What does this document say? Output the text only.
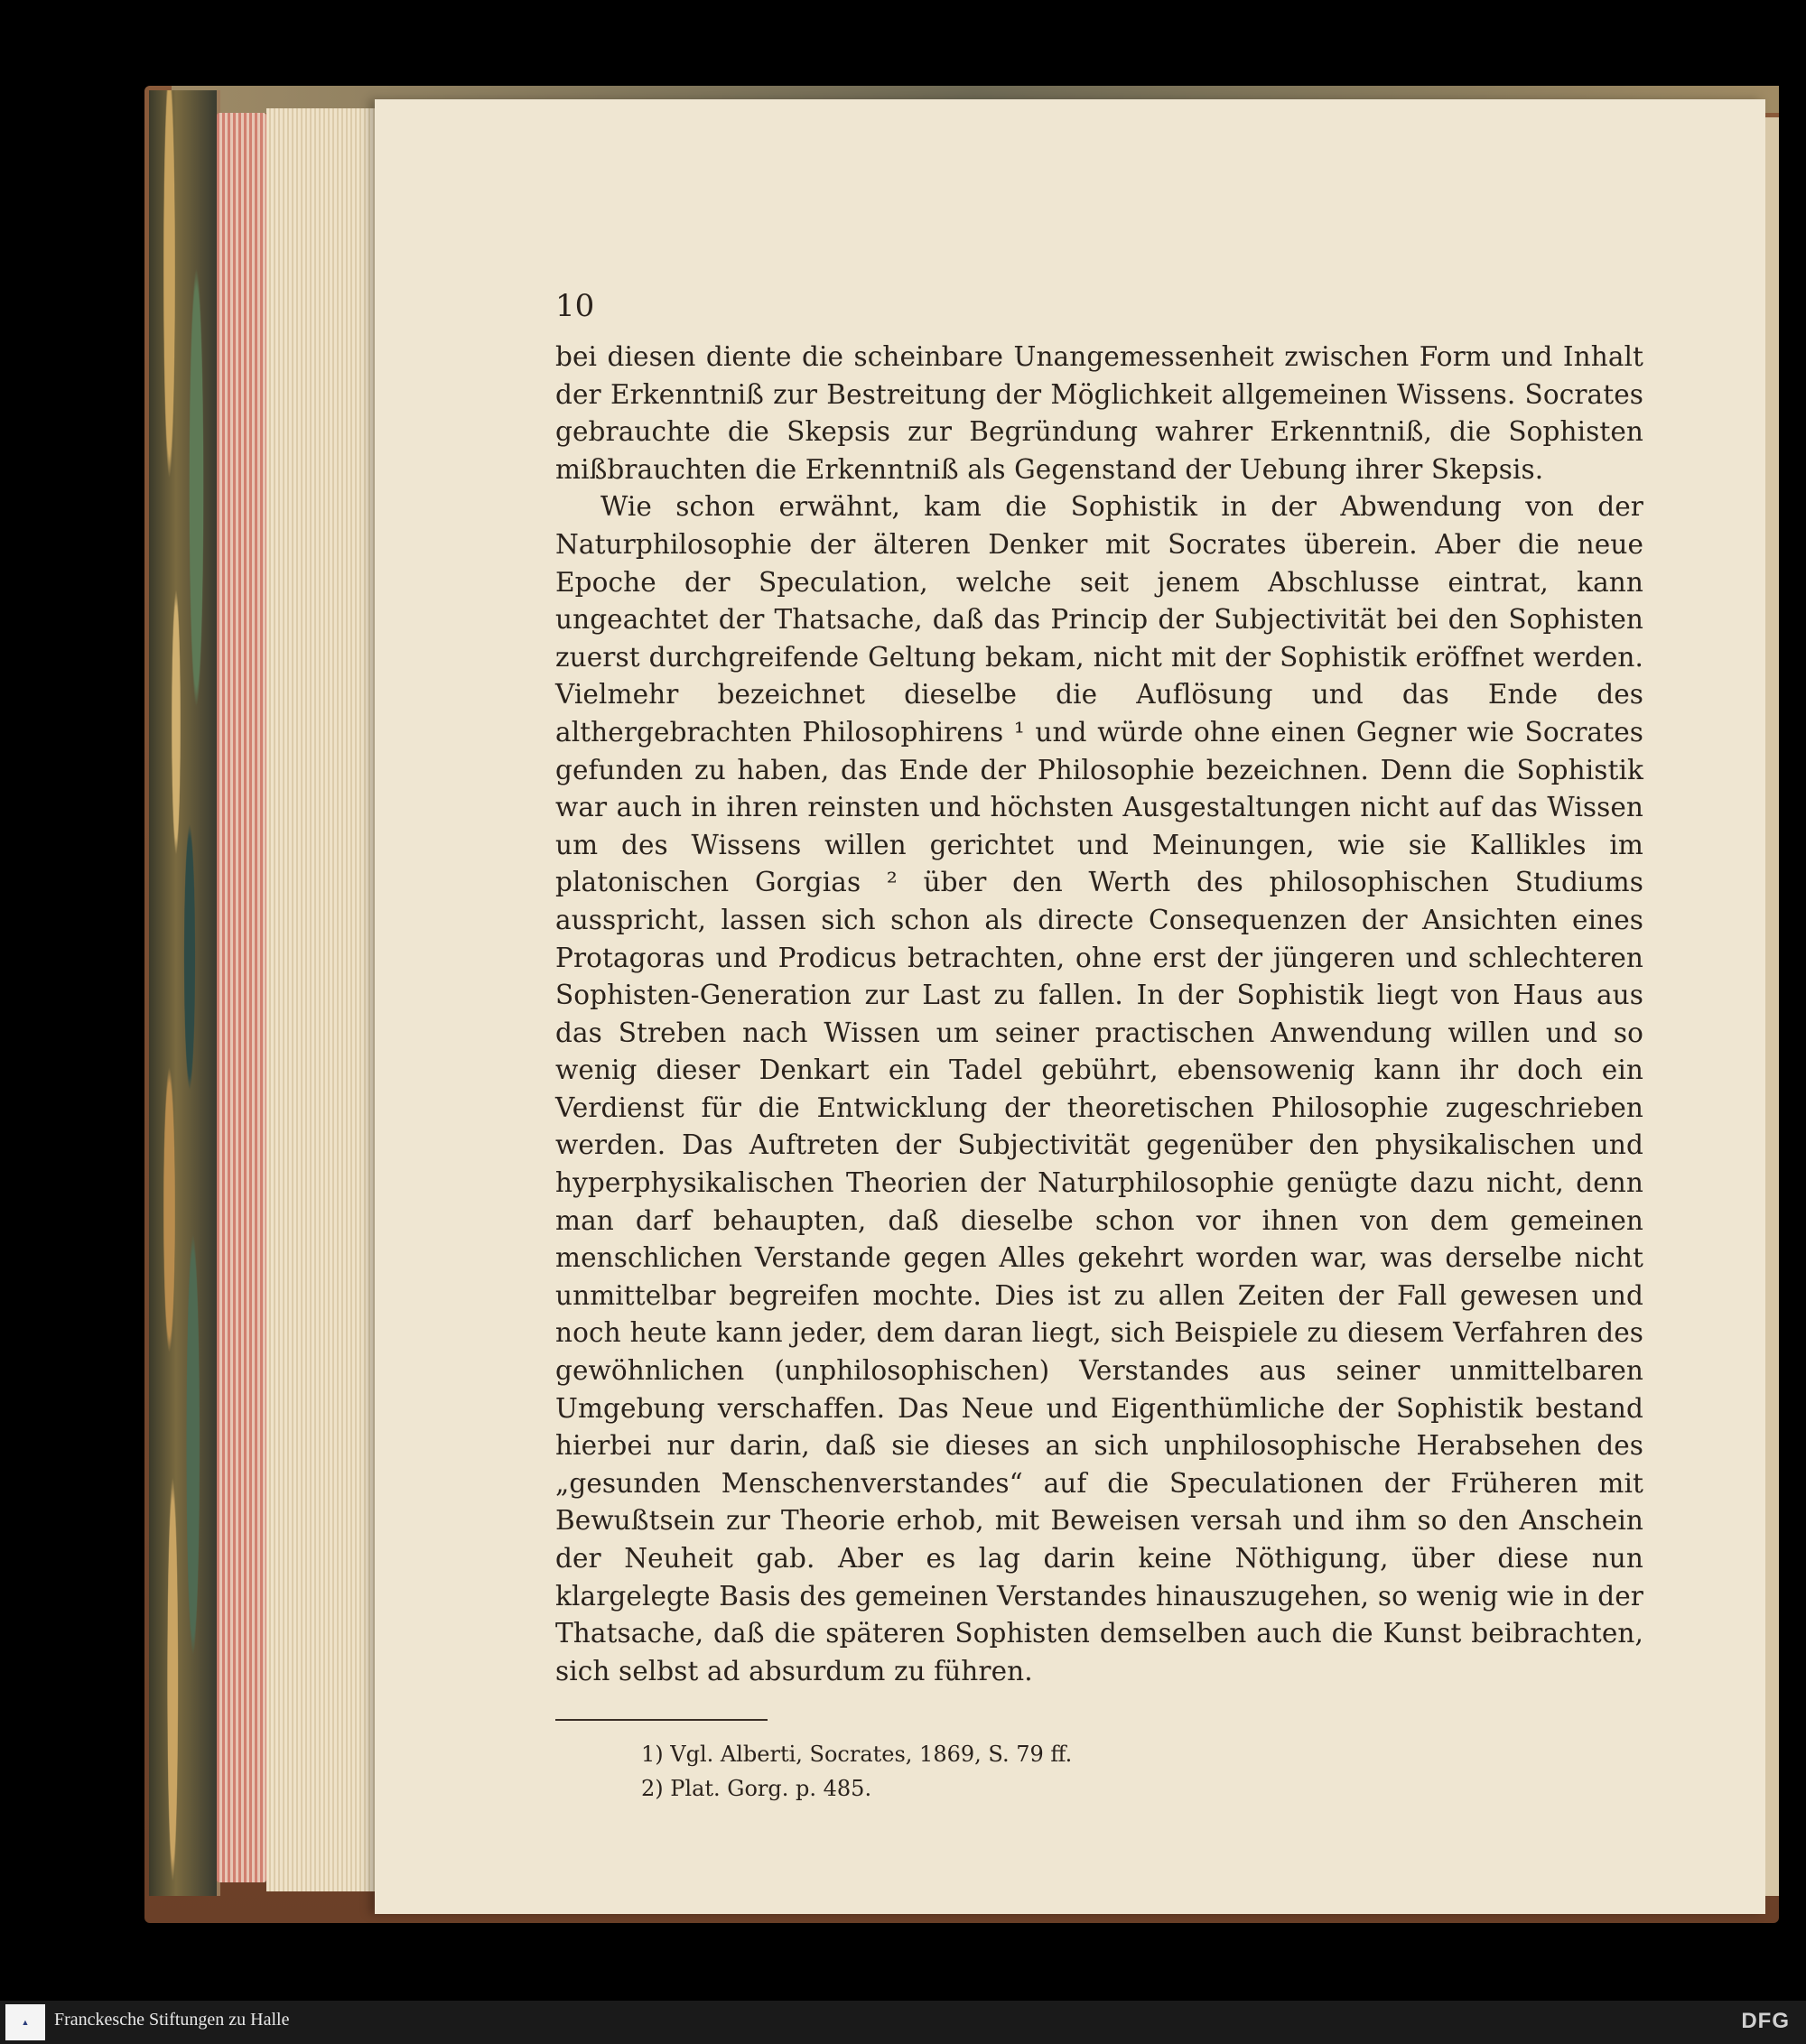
10

bei diesen diente die scheinbare Unangemessenheit zwischen Form und Inhalt der Erkenntniß zur Bestreitung der Möglichkeit allgemeinen Wissens. Socrates gebrauchte die Skepsis zur Begründung wahrer Erkenntniß, die Sophisten mißbrauchten die Erkenntniß als Gegenstand der Uebung ihrer Skepsis.

Wie schon erwähnt, kam die Sophistik in der Abwendung von der Naturphilosophie der älteren Denker mit Socrates überein. Aber die neue Epoche der Speculation, welche seit jenem Abschlusse eintrat, kann ungeachtet der Thatsache, daß das Princip der Subjectivität bei den Sophisten zuerst durchgreifende Geltung bekam, nicht mit der Sophistik eröffnet werden. Vielmehr bezeichnet dieselbe die Auflösung und das Ende des althergebrachten Philosophirens ¹ und würde ohne einen Gegner wie Socrates gefunden zu haben, das Ende der Philosophie bezeichnen. Denn die Sophistik war auch in ihren reinsten und höchsten Ausgestaltungen nicht auf das Wissen um des Wissens willen gerichtet und Meinungen, wie sie Kallikles im platonischen Gorgias ² über den Werth des philosophischen Studiums ausspricht, lassen sich schon als directe Consequenzen der Ansichten eines Protagoras und Prodicus betrachten, ohne erst der jüngeren und schlechteren Sophisten-Generation zur Last zu fallen. In der Sophistik liegt von Haus aus das Streben nach Wissen um seiner practischen Anwendung willen und so wenig dieser Denkart ein Tadel gebührt, ebensowenig kann ihr doch ein Verdienst für die Entwicklung der theoretischen Philosophie zugeschrieben werden. Das Auftreten der Subjectivität gegenüber den physikalischen und hyperphysikalischen Theorien der Naturphilosophie genügte dazu nicht, denn man darf behaupten, daß dieselbe schon vor ihnen von dem gemeinen menschlichen Verstande gegen Alles gekehrt worden war, was derselbe nicht unmittelbar begreifen mochte. Dies ist zu allen Zeiten der Fall gewesen und noch heute kann jeder, dem daran liegt, sich Beispiele zu diesem Verfahren des gewöhnlichen (unphilosophischen) Verstandes aus seiner unmittelbaren Umgebung verschaffen. Das Neue und Eigenthümliche der Sophistik bestand hierbei nur darin, daß sie dieses an sich unphilosophische Herabsehen des „gesunden Menschenverstandes“ auf die Speculationen der Früheren mit Bewußtsein zur Theorie erhob, mit Beweisen versah und ihm so den Anschein der Neuheit gab. Aber es lag darin keine Nöthigung, über diese nun klargelegte Basis des gemeinen Verstandes hinauszugehen, so wenig wie in der Thatsache, daß die späteren Sophisten demselben auch die Kunst beibrachten, sich selbst ad absurdum zu führen.

1) Vgl. Alberti, Socrates, 1869, S. 79 ff.
2) Plat. Gorg. p. 485.
▲	Franckesche Stiftungen zu Halle	DFG
